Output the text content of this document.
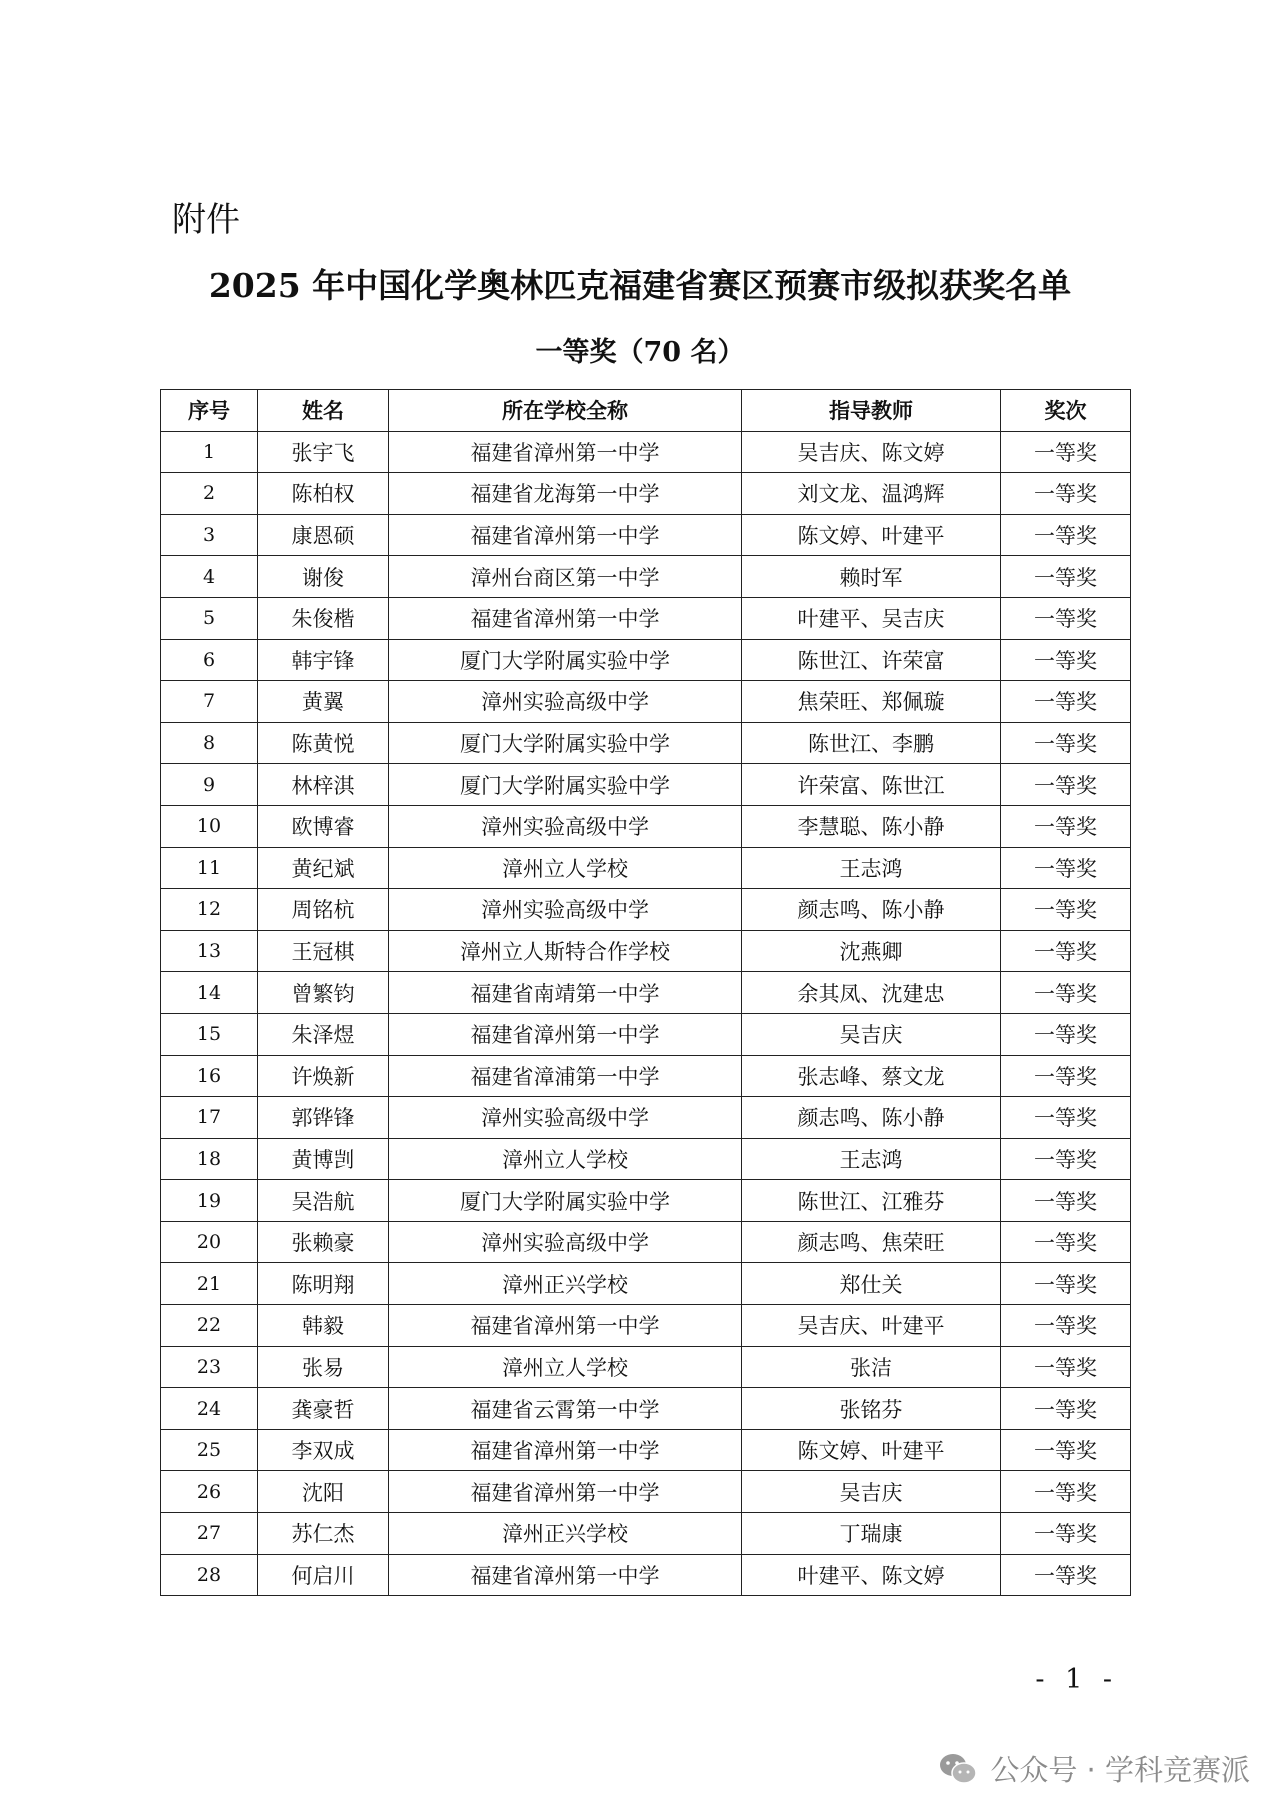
附件
2025 年中国化学奥林匹克福建省赛区预赛市级拟获奖名单
一等奖（70 名）
序号	姓名	所在学校全称	指导教师	奖次
1	张宇飞	福建省漳州第一中学	吴吉庆、陈文婷	一等奖
2	陈柏权	福建省龙海第一中学	刘文龙、温鸿辉	一等奖
3	康恩硕	福建省漳州第一中学	陈文婷、叶建平	一等奖
4	谢俊	漳州台商区第一中学	赖时军	一等奖
5	朱俊楷	福建省漳州第一中学	叶建平、吴吉庆	一等奖
6	韩宇锋	厦门大学附属实验中学	陈世江、许荣富	一等奖
7	黄翼	漳州实验高级中学	焦荣旺、郑佩璇	一等奖
8	陈黄悦	厦门大学附属实验中学	陈世江、李鹏	一等奖
9	林梓淇	厦门大学附属实验中学	许荣富、陈世江	一等奖
10	欧博睿	漳州实验高级中学	李慧聪、陈小静	一等奖
11	黄纪斌	漳州立人学校	王志鸿	一等奖
12	周铭杭	漳州实验高级中学	颜志鸣、陈小静	一等奖
13	王冠棋	漳州立人斯特合作学校	沈燕卿	一等奖
14	曾繁钧	福建省南靖第一中学	余其凤、沈建忠	一等奖
15	朱泽煜	福建省漳州第一中学	吴吉庆	一等奖
16	许焕新	福建省漳浦第一中学	张志峰、蔡文龙	一等奖
17	郭铧锋	漳州实验高级中学	颜志鸣、陈小静	一等奖
18	黄博剀	漳州立人学校	王志鸿	一等奖
19	吴浩航	厦门大学附属实验中学	陈世江、江雅芬	一等奖
20	张赖豪	漳州实验高级中学	颜志鸣、焦荣旺	一等奖
21	陈明翔	漳州正兴学校	郑仕关	一等奖
22	韩毅	福建省漳州第一中学	吴吉庆、叶建平	一等奖
23	张易	漳州立人学校	张洁	一等奖
24	龚豪哲	福建省云霄第一中学	张铭芬	一等奖
25	李双成	福建省漳州第一中学	陈文婷、叶建平	一等奖
26	沈阳	福建省漳州第一中学	吴吉庆	一等奖
27	苏仁杰	漳州正兴学校	丁瑞康	一等奖
28	何启川	福建省漳州第一中学	叶建平、陈文婷	一等奖
- 1 -
公众号 · 学科竞赛派
